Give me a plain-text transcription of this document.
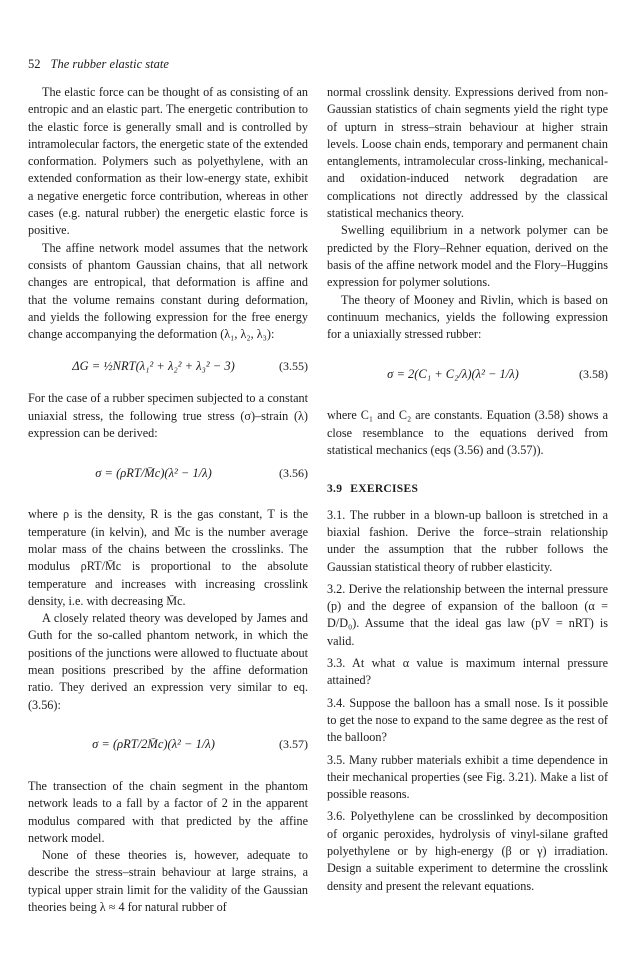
52 The rubber elastic state

The elastic force can be thought of as consisting of an entropic and an elastic part. The energetic contribution to the elastic force is generally small and is controlled by intramolecular factors, the energetic state of the extended conformation. Polymers such as polyethylene, with an extended conformation as their low-energy state, exhibit a negative energetic force contribution, whereas in other cases (e.g. natural rubber) the energetic elastic force is positive.

The affine network model assumes that the network consists of phantom Gaussian chains, that all network changes are entropical, that deformation is affine and that the volume remains constant during deformation, and yields the following expression for the free energy change accompanying the deformation (λ₁, λ₂, λ₃):

ΔG = ½NRT(λ₁² + λ₂² + λ₃² − 3)	(3.55)

For the case of a rubber specimen subjected to a constant uniaxial stress, the following true stress (σ)–strain (λ) expression can be derived:

σ = (ρRT/M̄c)(λ² − 1/λ)	(3.56)

where ρ is the density, R is the gas constant, T is the temperature (in kelvin), and M̄c is the number average molar mass of the chains between the crosslinks. The modulus ρRT/M̄c is proportional to the absolute temperature and increases with increasing crosslink density, i.e. with decreasing M̄c.

A closely related theory was developed by James and Guth for the so-called phantom network, in which the positions of the junctions were allowed to fluctuate about mean positions prescribed by the affine deformation ratio. They derived an expression very similar to eq. (3.56):

σ = (ρRT/2M̄c)(λ² − 1/λ)	(3.57)

The transection of the chain segment in the phantom network leads to a fall by a factor of 2 in the apparent modulus compared with that predicted by the affine network model.

None of these theories is, however, adequate to describe the stress–strain behaviour at large strains, a typical upper strain limit for the validity of the Gaussian theories being λ ≈ 4 for natural rubber of

normal crosslink density. Expressions derived from non-Gaussian statistics of chain segments yield the right type of upturn in stress–strain behaviour at higher strain levels. Loose chain ends, temporary and permanent chain entanglements, intramolecular cross-linking, mechanical- and oxidation-induced network degradation are complications not directly addressed by the classical statistical mechanics theory.

Swelling equilibrium in a network polymer can be predicted by the Flory–Rehner equation, derived on the basis of the affine network model and the Flory–Huggins expression for polymer solutions.

The theory of Mooney and Rivlin, which is based on continuum mechanics, yields the following expression for a uniaxially stressed rubber:

σ = 2(C₁ + C₂/λ)(λ² − 1/λ)	(3.58)

where C₁ and C₂ are constants. Equation (3.58) shows a close resemblance to the equations derived from statistical mechanics (eqs (3.56) and (3.57)).

3.9 EXERCISES

3.1. The rubber in a blown-up balloon is stretched in a biaxial fashion. Derive the force–strain relationship under the assumption that the rubber follows the Gaussian statistical theory of rubber elasticity.

3.2. Derive the relationship between the internal pressure (p) and the degree of expansion of the balloon (α = D/D₀). Assume that the ideal gas law (pV = nRT) is valid.

3.3. At what α value is maximum internal pressure attained?

3.4. Suppose the balloon has a small nose. Is it possible to get the nose to expand to the same degree as the rest of the balloon?

3.5. Many rubber materials exhibit a time dependence in their mechanical properties (see Fig. 3.21). Make a list of possible reasons.

3.6. Polyethylene can be crosslinked by decomposition of organic peroxides, hydrolysis of vinyl-silane grafted polyethylene or by high-energy (β or γ) irradiation. Design a suitable experiment to determine the crosslink density and present the relevant equations.
